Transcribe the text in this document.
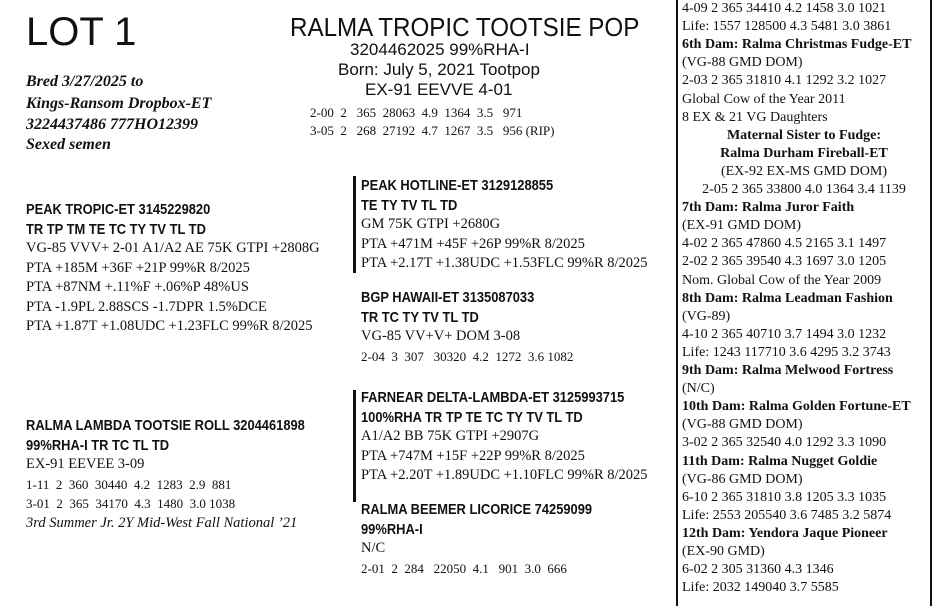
LOT 1	RALMA TROPIC TOOTSIE POP
3204462025 99%RHA-I
Born: July 5, 2021 Tootpop
EX-91 EEVVE 4-01
2-00  2   365  28063  4.9  1364  3.5   971
3-05  2   268  27192  4.7  1267  3.5   956 (RIP)
Bred 3/27/2025 to
Kings-Ransom Dropbox-ET
3224437486 777HO12399
Sexed semen
PEAK TROPIC-ET 3145229820
TR TP TM TE TC TY TV TL TD
VG-85 VVV+ 2-01 A1/A2 AE 75K GTPI +2808G
PTA +185M +36F +21P 99%R 8/2025
PTA +87NM +.11%F +.06%P 48%US
PTA -1.9PL 2.88SCS -1.7DPR 1.5%DCE
PTA +1.87T +1.08UDC +1.23FLC 99%R 8/2025
RALMA LAMBDA TOOTSIE ROLL 3204461898
99%RHA-I TR TC TL TD
EX-91 EEVEE 3-09
1-11  2  360  30440  4.2  1283  2.9  881
3-01  2  365  34170  4.3  1480  3.0 1038
3rd Summer Jr. 2Y Mid-West Fall National ’21
PEAK HOTLINE-ET 3129128855
TE TY TV TL TD
GM 75K GTPI +2680G
PTA +471M +45F +26P 99%R 8/2025
PTA +2.17T +1.38UDC +1.53FLC 99%R 8/2025
BGP HAWAII-ET 3135087033
TR TC TY TV TL TD
VG-85 VV+V+ DOM 3-08
2-04  3  307   30320  4.2  1272  3.6 1082
FARNEAR DELTA-LAMBDA-ET 3125993715
100%RHA TR TP TE TC TY TV TL TD
A1/A2 BB 75K GTPI +2907G
PTA +747M +15F +22P 99%R 8/2025
PTA +2.20T +1.89UDC +1.10FLC 99%R 8/2025
RALMA BEEMER LICORICE 74259099
99%RHA-I
N/C
2-01  2  284   22050  4.1   901  3.0  666
4-09 2 365 34410 4.2 1458 3.0 1021
Life: 1557 128500 4.3 5481 3.0 3861
6th Dam: Ralma Christmas Fudge-ET
(VG-88 GMD DOM)
2-03 2 365 31810 4.1 1292 3.2 1027
Global Cow of the Year 2011
8 EX & 21 VG Daughters
Maternal Sister to Fudge:
Ralma Durham Fireball-ET
(EX-92 EX-MS GMD DOM)
2-05 2 365 33800 4.0 1364 3.4 1139
7th Dam: Ralma Juror Faith
(EX-91 GMD DOM)
4-02 2 365 47860 4.5 2165 3.1 1497
2-02 2 365 39540 4.3 1697 3.0 1205
Nom. Global Cow of the Year 2009
8th Dam: Ralma Leadman Fashion
(VG-89)
4-10 2 365 40710 3.7 1494 3.0 1232
Life: 1243 117710 3.6 4295 3.2 3743
9th Dam: Ralma Melwood Fortress
(N/C)
10th Dam: Ralma Golden Fortune-ET
(VG-88 GMD DOM)
3-02 2 365 32540 4.0 1292 3.3 1090
11th Dam: Ralma Nugget Goldie
(VG-86 GMD DOM)
6-10 2 365 31810 3.8 1205 3.3 1035
Life: 2553 205540 3.6 7485 3.2 5874
12th Dam: Yendora Jaque Pioneer
(EX-90 GMD)
6-02 2 305 31360 4.3 1346
Life: 2032 149040 3.7 5585
